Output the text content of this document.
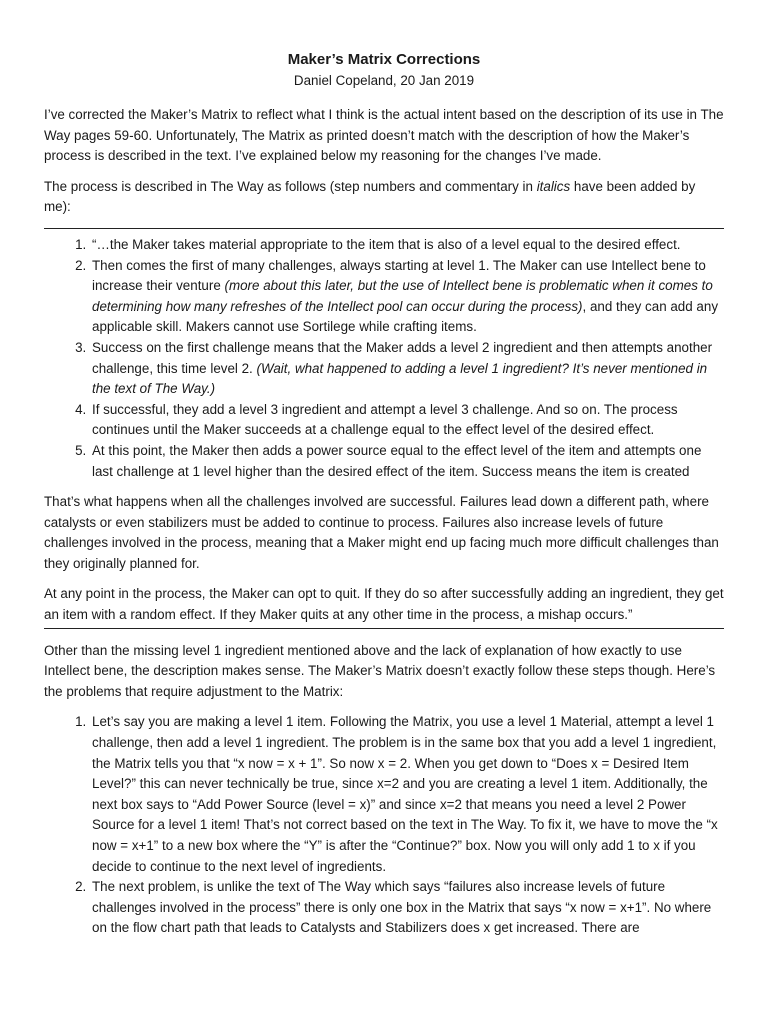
Maker’s Matrix Corrections
Daniel Copeland, 20 Jan 2019

I’ve corrected the Maker’s Matrix to reflect what I think is the actual intent based on the description of its use in The Way pages 59-60. Unfortunately, The Matrix as printed doesn’t match with the description of how the Maker’s process is described in the text. I’ve explained below my reasoning for the changes I’ve made.

The process is described in The Way as follows (step numbers and commentary in italics have been added by me):

1. “…the Maker takes material appropriate to the item that is also of a level equal to the desired effect.
2. Then comes the first of many challenges, always starting at level 1. The Maker can use Intellect bene to increase their venture (more about this later, but the use of Intellect bene is problematic when it comes to determining how many refreshes of the Intellect pool can occur during the process), and they can add any applicable skill. Makers cannot use Sortilege while crafting items.
3. Success on the first challenge means that the Maker adds a level 2 ingredient and then attempts another challenge, this time level 2. (Wait, what happened to adding a level 1 ingredient? It’s never mentioned in the text of The Way.)
4. If successful, they add a level 3 ingredient and attempt a level 3 challenge. And so on. The process continues until the Maker succeeds at a challenge equal to the effect level of the desired effect.
5. At this point, the Maker then adds a power source equal to the effect level of the item and attempts one last challenge at 1 level higher than the desired effect of the item. Success means the item is created

That’s what happens when all the challenges involved are successful. Failures lead down a different path, where catalysts or even stabilizers must be added to continue to process. Failures also increase levels of future challenges involved in the process, meaning that a Maker might end up facing much more difficult challenges than they originally planned for.

At any point in the process, the Maker can opt to quit. If they do so after successfully adding an ingredient, they get an item with a random effect. If they Maker quits at any other time in the process, a mishap occurs.”

Other than the missing level 1 ingredient mentioned above and the lack of explanation of how exactly to use Intellect bene, the description makes sense. The Maker’s Matrix doesn’t exactly follow these steps though. Here’s the problems that require adjustment to the Matrix:

1. Let’s say you are making a level 1 item. Following the Matrix, you use a level 1 Material, attempt a level 1 challenge, then add a level 1 ingredient. The problem is in the same box that you add a level 1 ingredient, the Matrix tells you that “x now = x + 1”. So now x = 2. When you get down to “Does x = Desired Item Level?” this can never technically be true, since x=2 and you are creating a level 1 item. Additionally, the next box says to “Add Power Source (level = x)” and since x=2 that means you need a level 2 Power Source for a level 1 item! That’s not correct based on the text in The Way. To fix it, we have to move the “x now = x+1” to a new box where the “Y” is after the “Continue?” box. Now you will only add 1 to x if you decide to continue to the next level of ingredients.
2. The next problem, is unlike the text of The Way which says “failures also increase levels of future challenges involved in the process” there is only one box in the Matrix that says “x now = x+1”. No where on the flow chart path that leads to Catalysts and Stabilizers does x get increased. There are
